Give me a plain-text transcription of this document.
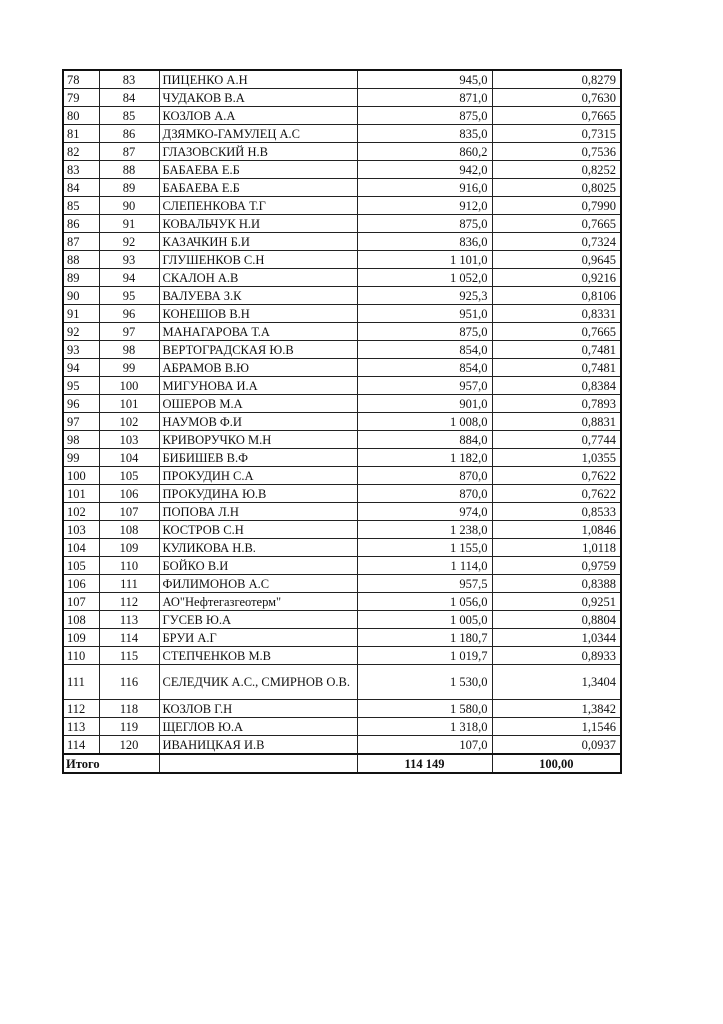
78	83	ПИЦЕНКО А.Н	945,0	0,8279
79	84	ЧУДАКОВ В.А	871,0	0,7630
80	85	КОЗЛОВ А.А	875,0	0,7665
81	86	ДЗЯМКО-ГАМУЛЕЦ А.С	835,0	0,7315
82	87	ГЛАЗОВСКИЙ Н.В	860,2	0,7536
83	88	БАБАЕВА Е.Б	942,0	0,8252
84	89	БАБАЕВА Е.Б	916,0	0,8025
85	90	СЛЕПЕНКОВА Т.Г	912,0	0,7990
86	91	КОВАЛЬЧУК Н.И	875,0	0,7665
87	92	КАЗАЧКИН Б.И	836,0	0,7324
88	93	ГЛУШЕНКОВ С.Н	1 101,0	0,9645
89	94	СКАЛОН А.В	1 052,0	0,9216
90	95	ВАЛУЕВА З.К	925,3	0,8106
91	96	КОНЕШОВ В.Н	951,0	0,8331
92	97	МАНАГАРОВА Т.А	875,0	0,7665
93	98	ВЕРТОГРАДСКАЯ Ю.В	854,0	0,7481
94	99	АБРАМОВ В.Ю	854,0	0,7481
95	100	МИГУНОВА И.А	957,0	0,8384
96	101	ОШЕРОВ М.А	901,0	0,7893
97	102	НАУМОВ Ф.И	1 008,0	0,8831
98	103	КРИВОРУЧКО М.Н	884,0	0,7744
99	104	БИБИШЕВ В.Ф	1 182,0	1,0355
100	105	ПРОКУДИН С.А	870,0	0,7622
101	106	ПРОКУДИНА Ю.В	870,0	0,7622
102	107	ПОПОВА Л.Н	974,0	0,8533
103	108	КОСТРОВ С.Н	1 238,0	1,0846
104	109	КУЛИКОВА Н.В.	1 155,0	1,0118
105	110	БОЙКО В.И	1 114,0	0,9759
106	111	ФИЛИМОНОВ А.С	957,5	0,8388
107	112	АО"Нефтегазгеотерм"	1 056,0	0,9251
108	113	ГУСЕВ Ю.А	1 005,0	0,8804
109	114	БРУИ А.Г	1 180,7	1,0344
110	115	СТЕПЧЕНКОВ М.В	1 019,7	0,8933
111	116	СЕЛЕДЧИК А.С., СМИРНОВ О.В.	1 530,0	1,3404
112	118	КОЗЛОВ Г.Н	1 580,0	1,3842
113	119	ЩЕГЛОВ Ю.А	1 318,0	1,1546
114	120	ИВАНИЦКАЯ И.В	107,0	0,0937
Итого			114 149	100,00
